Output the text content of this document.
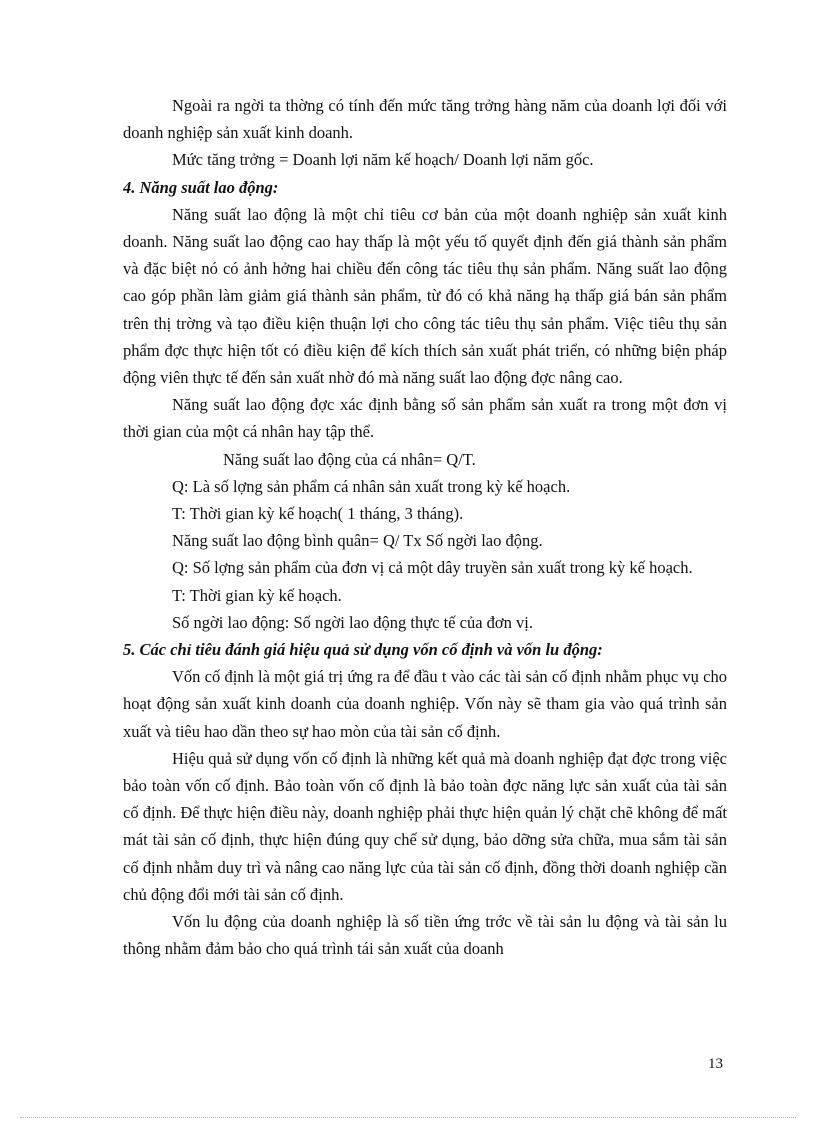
Ngoài ra ngời ta thờng có tính đến mức tăng trởng hàng năm của doanh lợi đối với doanh nghiệp sản xuất kinh doanh.

Mức tăng trởng = Doanh lợi năm kế hoạch/ Doanh lợi năm gốc.

4. Năng suất lao động:

Năng suất lao động là một chỉ tiêu cơ bản của một doanh nghiệp sản xuất kinh doanh. Năng suất lao động cao hay thấp là một yếu tố quyết định đến giá thành sản phẩm và đặc biệt nó có ảnh hởng hai chiều đến công tác tiêu thụ sản phẩm. Năng suất lao động cao góp phần làm giảm giá thành sản phẩm, từ đó có khả năng hạ thấp giá bán sản phẩm trên thị trờng và tạo điều kiện thuận lợi cho công tác tiêu thụ sản phẩm. Việc tiêu thụ sản phẩm đợc thực hiện tốt có điều kiện để kích thích sản xuất phát triển, có những biện pháp động viên thực tế đến sản xuất nhờ đó mà năng suất lao động đợc nâng cao.

Năng suất lao động đợc xác định bằng số sản phẩm sản xuất ra trong một đơn vị thời gian của một cá nhân hay tập thể.

Năng suất lao động của cá nhân= Q/T.

Q: Là số lợng sản phẩm cá nhân sản xuất trong kỳ kế hoạch.

T: Thời gian kỳ kế hoạch( 1 tháng, 3 tháng).

Năng suất lao động bình quân= Q/ Tx Số ngời lao động.

Q: Số lợng sản phẩm của đơn vị cả một dây truyền sản xuất trong kỳ kế hoạch.

T: Thời gian kỳ kế hoạch.

Số ngời lao động: Số ngời lao động thực tế của đơn vị.

5. Các chỉ tiêu đánh giá hiệu quả sử dụng vốn cố định và vốn lu động:

Vốn cố định là một giá trị ứng ra để đầu t vào các tài sản cố định nhằm phục vụ cho hoạt động sản xuất kinh doanh của doanh nghiệp. Vốn này sẽ tham gia vào quá trình sản xuất và tiêu hao dần theo sự hao mòn của tài sản cố định.

Hiệu quả sử dụng vốn cố định là những kết quả mà doanh nghiệp đạt đợc trong việc bảo toàn vốn cố định. Bảo toàn vốn cố định là bảo toàn đợc năng lực sản xuất của tài sản cố định. Để thực hiện điều này, doanh nghiệp phải thực hiện quản lý chặt chẽ không để mất mát tài sản cố định, thực hiện đúng quy chế sử dụng, bảo dỡng sửa chữa, mua sắm tài sản cố định nhằm duy trì và nâng cao năng lực của tài sản cố định, đồng thời doanh nghiệp cần chủ động đổi mới tài sản cố định.

Vốn lu động của doanh nghiệp là số tiền ứng trớc về tài sản lu động và tài sản lu thông nhằm đảm bảo cho quá trình tái sản xuất của doanh

13
